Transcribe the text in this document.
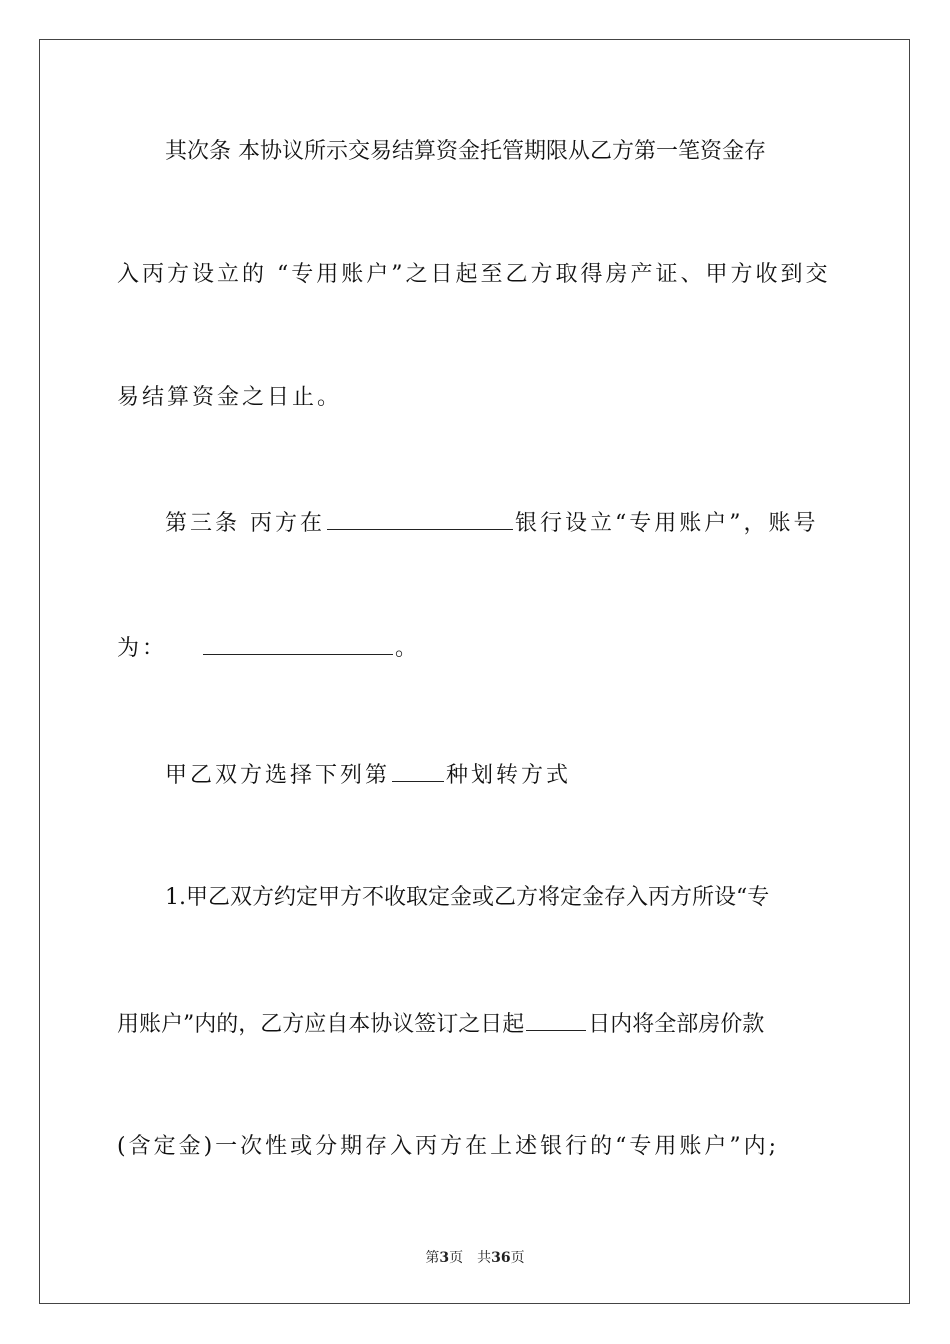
其次条 本协议所示交易结算资金托管期限从乙方第一笔资金存
入丙方设立的 “专用账户”之日起至乙方取得房产证、甲方收到交
易结算资金之日止。
第三条 丙方在	银行设立“专用账户”，账号
为：	。
甲乙双方选择下列第	种划转方式
1.甲乙双方约定甲方不收取定金或乙方将定金存入丙方所设“专
用账户”内的，乙方应自本协议签订之日起	日内将全部房价款
(含定金)一次性或分期存入丙方在上述银行的“专用账户”内;
第3页 共36页
